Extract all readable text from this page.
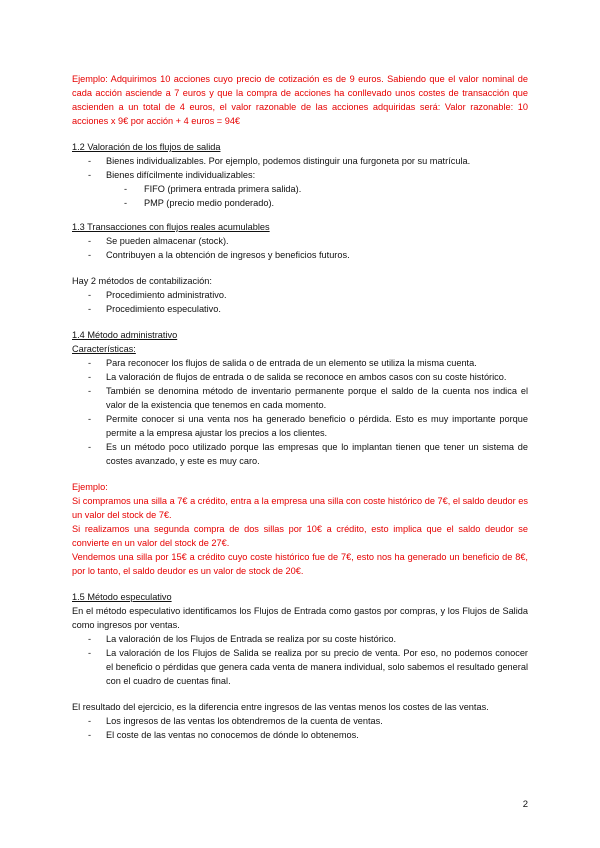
Ejemplo: Adquirimos 10 acciones cuyo precio de cotización es de 9 euros. Sabiendo que el valor nominal de cada acción asciende a 7 euros y que la compra de acciones ha conllevado unos costes de transacción que ascienden a un total de 4 euros, el valor razonable de las acciones adquiridas será: Valor razonable: 10 acciones x 9€ por acción + 4 euros = 94€

1.2 Valoración de los flujos de salida

- Bienes individualizables. Por ejemplo, podemos distinguir una furgoneta por su matrícula.
- Bienes difícilmente individualizables:
- FIFO (primera entrada primera salida).
- PMP (precio medio ponderado).

1.3 Transacciones con flujos reales acumulables

- Se pueden almacenar (stock).
- Contribuyen a la obtención de ingresos y beneficios futuros.

Hay 2 métodos de contabilización:

- Procedimiento administrativo.
- Procedimiento especulativo.

1.4 Método administrativo

Características:

- Para reconocer los flujos de salida o de entrada de un elemento se utiliza la misma cuenta.
- La valoración de flujos de entrada o de salida se reconoce en ambos casos con su coste histórico.
- También se denomina método de inventario permanente porque el saldo de la cuenta nos indica el valor de la existencia que tenemos en cada momento.
- Permite conocer si una venta nos ha generado beneficio o pérdida. Esto es muy importante porque permite a la empresa ajustar los precios a los clientes.
- Es un método poco utilizado porque las empresas que lo implantan tienen que tener un sistema de costes avanzado, y este es muy caro.

Ejemplo:

Si compramos una silla a 7€ a crédito, entra a la empresa una silla con coste histórico de 7€, el saldo deudor es un valor del stock de 7€.

Si realizamos una segunda compra de dos sillas por 10€ a crédito, esto implica que el saldo deudor se convierte en un valor del stock de 27€.

Vendemos una silla por 15€ a crédito cuyo coste histórico fue de 7€, esto nos ha generado un beneficio de 8€, por lo tanto, el saldo deudor es un valor de stock de 20€.

1.5 Método especulativo

En el método especulativo identificamos los Flujos de Entrada como gastos por compras, y los Flujos de Salida como ingresos por ventas.

- La valoración de los Flujos de Entrada se realiza por su coste histórico.
- La valoración de los Flujos de Salida se realiza por su precio de venta. Por eso, no podemos conocer el beneficio o pérdidas que genera cada venta de manera individual, solo sabemos el resultado general con el cuadro de cuentas final.

El resultado del ejercicio, es la diferencia entre ingresos de las ventas menos los costes de las ventas.

- Los ingresos de las ventas los obtendremos de la cuenta de ventas.
- El coste de las ventas no conocemos de dónde lo obtenemos.
2
